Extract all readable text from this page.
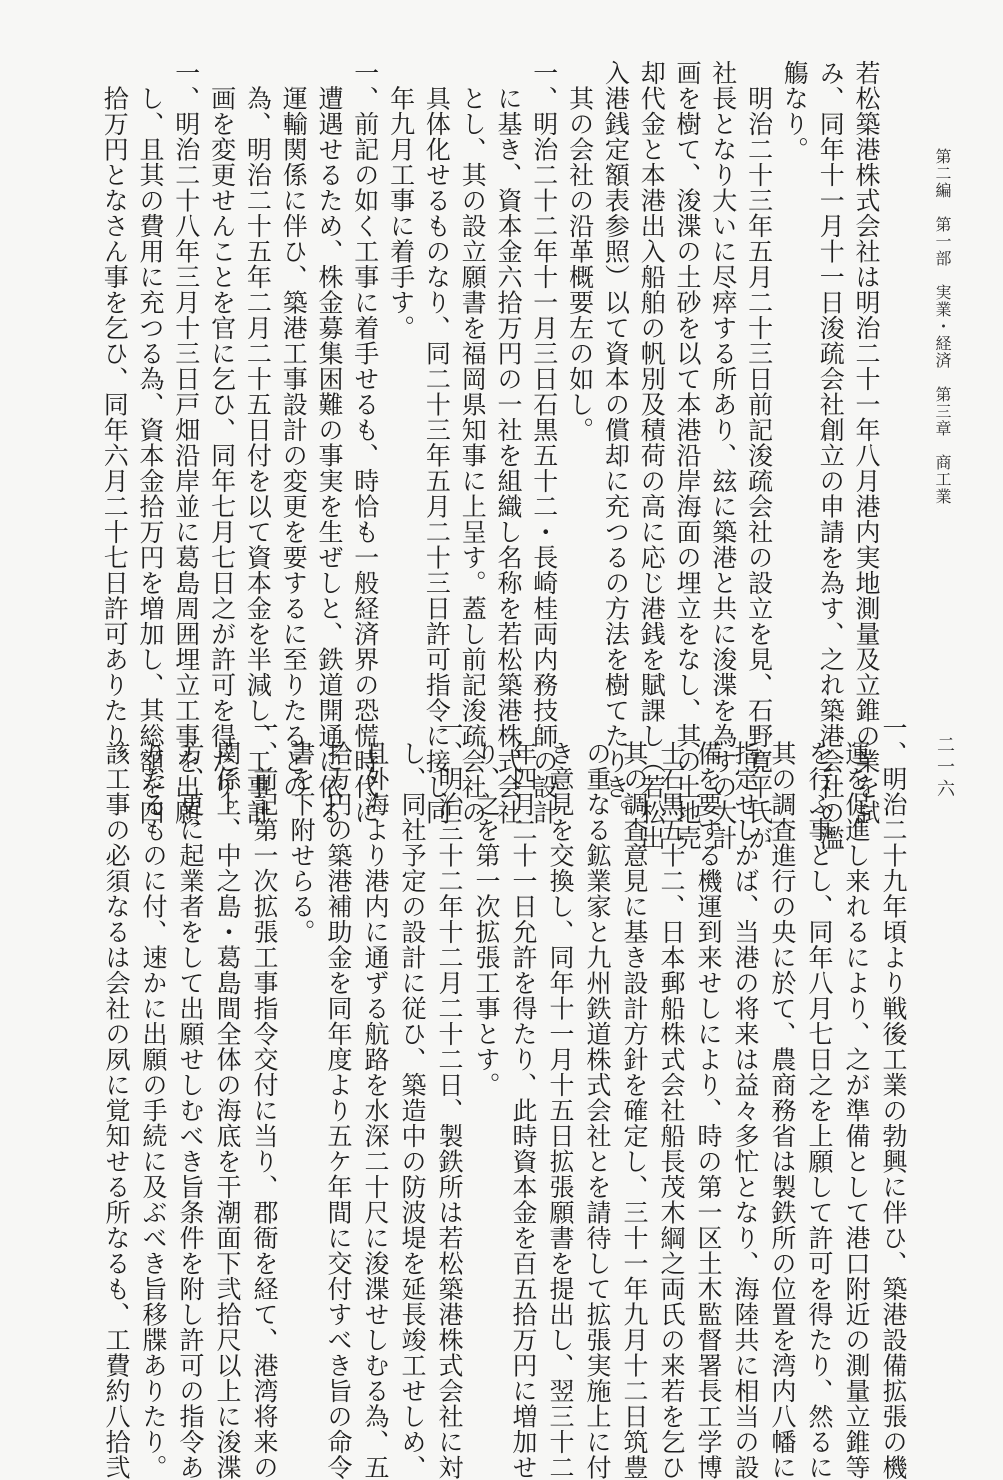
第二編　第一部　実業・経済　第三章　商工業
二一六
若松築港株式会社は明治二十一年八月港内実地測量及立錐の業を試
み、同年十一月十一日浚疏会社創立の申請を為す、之れ築港会社の濫
觴なり。
　明治二十三年五月二十三日前記浚疏会社の設立を見、石野寛平氏が
社長となり大いに尽瘁する所あり、玆に築港と共に浚渫を為すの大計
画を樹て、浚渫の土砂を以て本港沿岸海面の埋立をなし、其の土地売
却代金と本港出入船舶の帆別及積荷の高に応じ港銭を賦課し（若松出
入港銭定額表参照）以て資本の償却に充つるの方法を樹てたりき。
　其の会社の沿革概要左の如し。
一、明治二十二年十一月三日石黒五十二・長崎桂両内務技師の設計
　に基き、資本金六拾万円の一社を組織し名称を若松築港株式会社
　とし、其の設立願書を福岡県知事に上呈す。蓋し前記浚疏会社の
　具体化せるものなり、同二十三年五月二十三日許可指令に接し同
　年九月工事に着手す。
一、前記の如く工事に着手せるも、時恰も一般経済界の恐慌時代に
　遭遇せるため、株金募集困難の事実を生ぜしと、鉄道開通に依る
　運輸関係に伴ひ、築港工事設計の変更を要するに至りたるとの
　為、明治二十五年二月二十五日付を以て資本金を半減し、工事計
　画を変更せんことを官に乞ひ、同年七月七日之が許可を得たり。
一、明治二十八年三月十三日戸畑沿岸並に葛島周囲埋立工事を出願
　し、且其の費用に充つる為、資本金拾万円を増加し、其総額を四
　拾万円となさん事を乞ひ、同年六月二十七日許可ありたり。
一、明治二十九年頃より戦後工業の勃興に伴ひ、築港設備拡張の機
　運を促進し来れるにより、之が準備として港口附近の測量立錐等
　を行ふ事とし、同年八月七日之を上願して許可を得たり、然るに
　其の調査進行の央に於て、農商務省は製鉄所の位置を湾内八幡に
　指定せしかば、当港の将来は益々多忙となり、海陸共に相当の設
　備を要する機運到来せしにより、時の第一区土木監督署長工学博
　士石黒五十二、日本郵船株式会社船長茂木綱之両氏の来若を乞ひ
　其の調査意見に基き設計方針を確定し、三十一年九月十二日筑豊
　の重なる鉱業家と九州鉄道株式会社とを請待して拡張実施上に付
　き意見を交換し、同年十一月十五日拡張願書を提出し、翌三十二
　年四月二十一日允許を得たり、此時資本金を百五拾万円に増加せ
　り、之を第一次拡張工事とす。
一、明治三十二年十二月二十二日、製鉄所は若松築港株式会社に対
　し、同社予定の設計に従ひ、築造中の防波堤を延長竣工せしめ、
　且外海より港内に通ずる航路を水深二十尺に浚渫せしむる為、五
　拾万円の築港補助金を同年度より五ケ年間に交付すべき旨の命令
　書を下附せらる。
一、前記第一次拡張工事指令交付に当り、郡衙を経て、港湾将来の
　関係上、中之島・葛島間全体の海底を干潮面下弐拾尺以上に浚渫
　方、更に起業者をして出願せしむべき旨条件を附し許可の指令あ
　りたるものに付、速かに出願の手続に及ぶべき旨移牒ありたり。
　該工事の必須なるは会社の夙に覚知せる所なるも、工費約八拾弐
